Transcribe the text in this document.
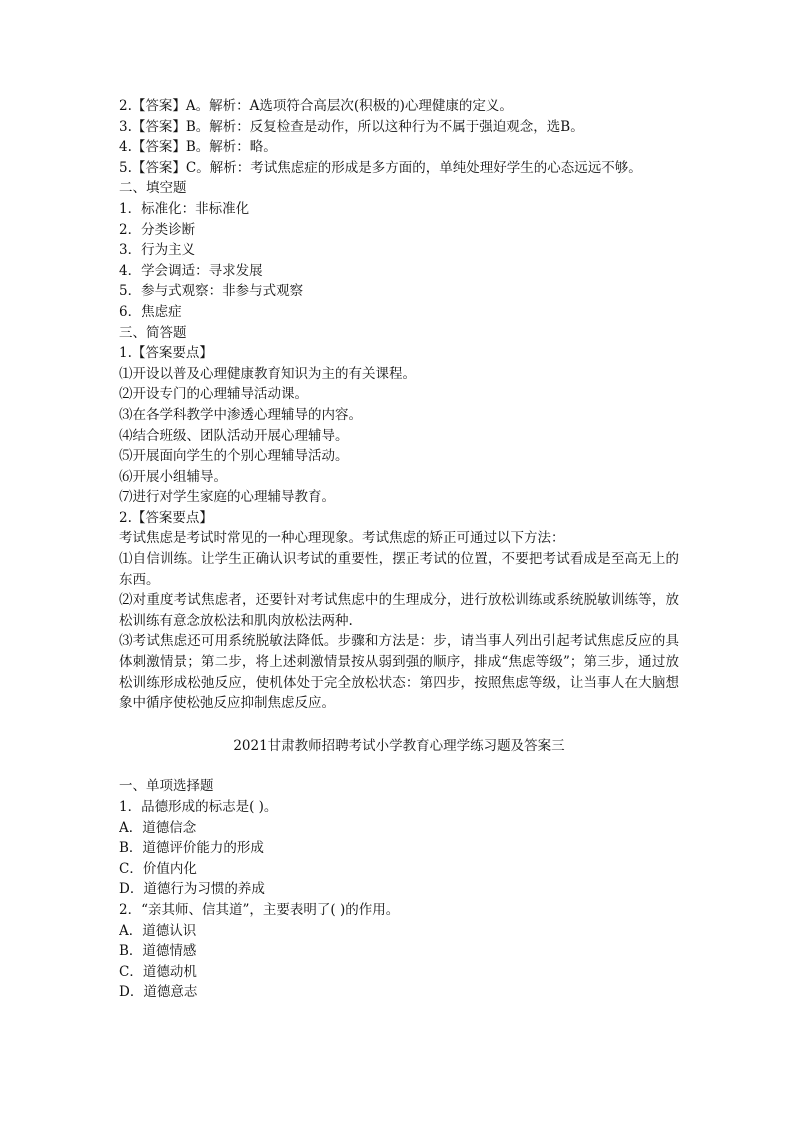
2.【答案】A。解析：A选项符合高层次(积极的)心理健康的定义。
3.【答案】B。解析：反复检查是动作，所以这种行为不属于强迫观念，选B。
4.【答案】B。解析：略。
5.【答案】C。解析：考试焦虑症的形成是多方面的，单纯处理好学生的心态远远不够。
二、填空题
1．标准化：非标准化
2．分类诊断
3．行为主义
4．学会调适：寻求发展
5．参与式观察：非参与式观察
6．焦虑症
三、简答题
1.【答案要点】
⑴开设以普及心理健康教育知识为主的有关课程。
⑵开设专门的心理辅导活动课。
⑶在各学科教学中渗透心理辅导的内容。
⑷结合班级、团队活动开展心理辅导。
⑸开展面向学生的个别心理辅导活动。
⑹开展小组辅导。
⑺进行对学生家庭的心理辅导教育。
2.【答案要点】
考试焦虑是考试时常见的一种心理现象。考试焦虑的矫正可通过以下方法：
⑴自信训练。让学生正确认识考试的重要性，摆正考试的位置，不要把考试看成是至高无上的东西。
⑵对重度考试焦虑者，还要针对考试焦虑中的生理成分，进行放松训练或系统脱敏训练等，放松训练有意念放松法和肌肉放松法两种.
⑶考试焦虑还可用系统脱敏法降低。步骤和方法是：步，请当事人列出引起考试焦虑反应的具体刺激情景；第二步，将上述刺激情景按从弱到强的顺序，排成“焦虑等级”；第三步，通过放松训练形成松弛反应，使机体处于完全放松状态：第四步，按照焦虑等级，让当事人在大脑想象中循序使松弛反应抑制焦虑反应。
2021甘肃教师招聘考试小学教育心理学练习题及答案三
一、单项选择题
1．品德形成的标志是( )。
A．道德信念
B．道德评价能力的形成
C．价值内化
D．道德行为习惯的养成
2．“亲其师、信其道”，主要表明了( )的作用。
A．道德认识
B．道德情感
C．道德动机
D．道德意志
